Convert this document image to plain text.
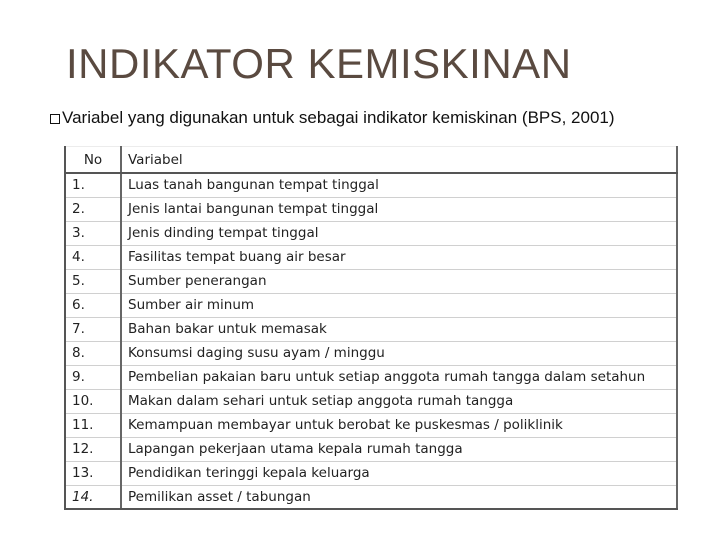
INDIKATOR KEMISKINAN
Variabel yang digunakan untuk sebagai indikator kemiskinan (BPS, 2001)
No	Variabel
1.	Luas tanah bangunan tempat tinggal
2.	Jenis lantai bangunan tempat tinggal
3.	Jenis dinding tempat tinggal
4.	Fasilitas tempat buang air besar
5.	Sumber penerangan
6.	Sumber air minum
7.	Bahan bakar untuk memasak
8.	Konsumsi daging susu ayam / minggu
9.	Pembelian pakaian baru untuk setiap anggota rumah tangga dalam setahun
10.	Makan dalam sehari untuk setiap anggota rumah tangga
11.	Kemampuan membayar untuk berobat ke puskesmas / poliklinik
12.	Lapangan pekerjaan utama kepala rumah tangga
13.	Pendidikan teringgi kepala keluarga
14.	Pemilikan asset / tabungan
